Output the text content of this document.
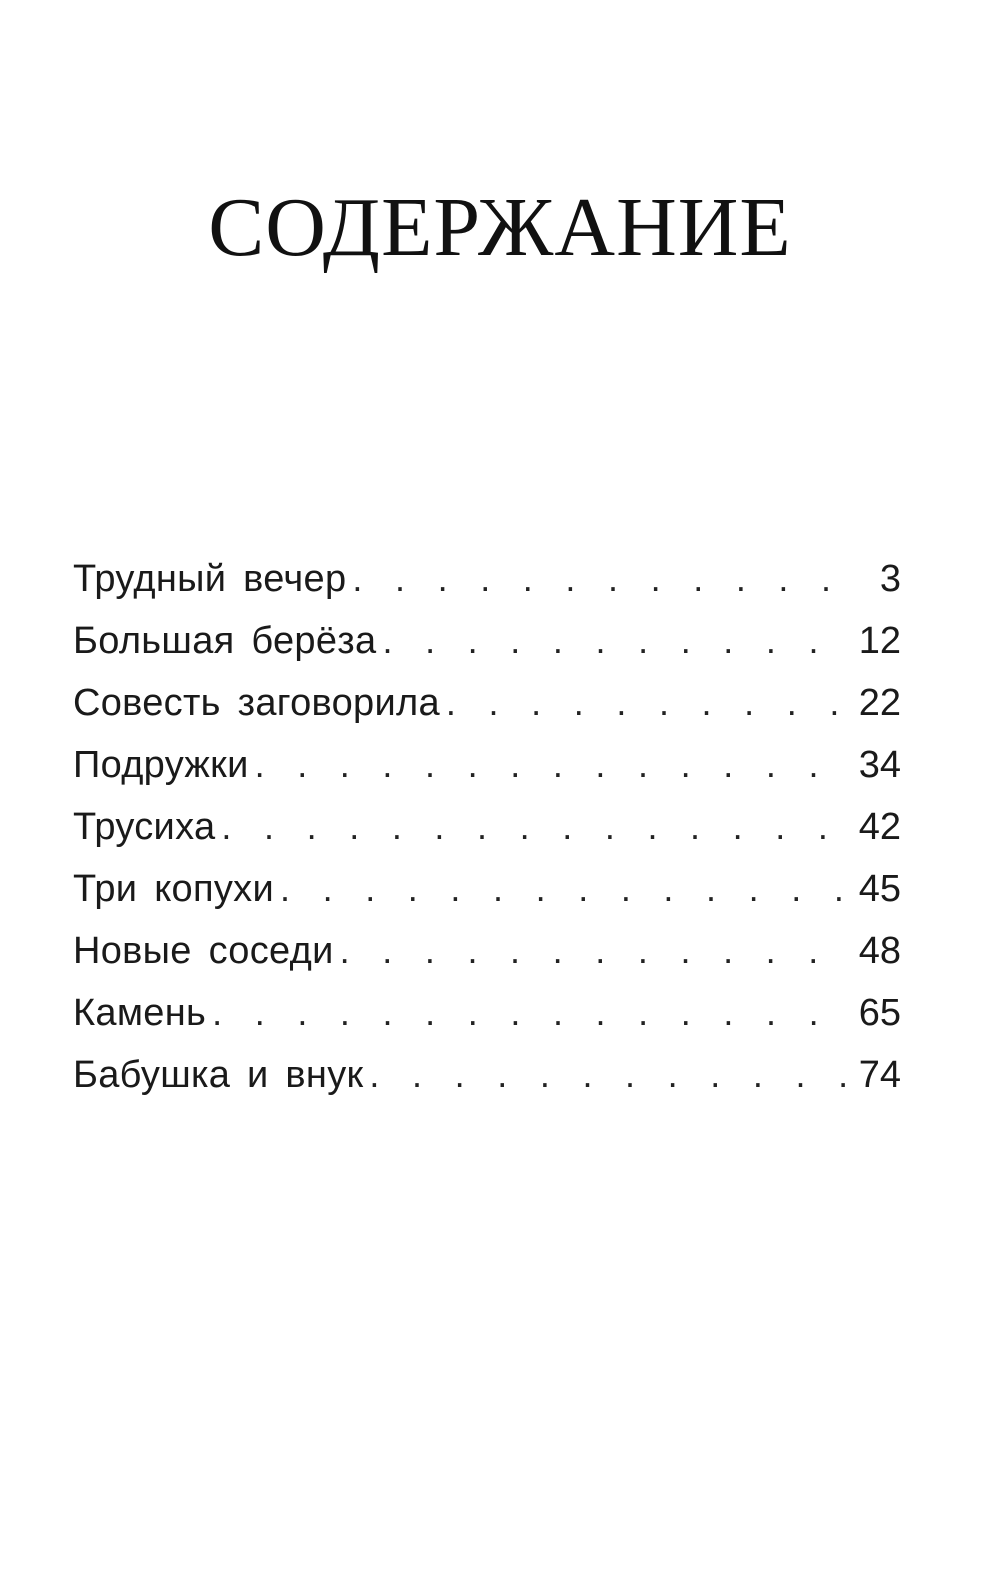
СОДЕРЖАНИЕ
Трудный вечер . . .	3
Большая берёза . . .	12
Совесть заговорила . . .	22
Подружки . . .	34
Трусиха . . .	42
Три копухи . . .	45
Новые соседи . . .	48
Камень . . .	65
Бабушка и внук . . .	74
